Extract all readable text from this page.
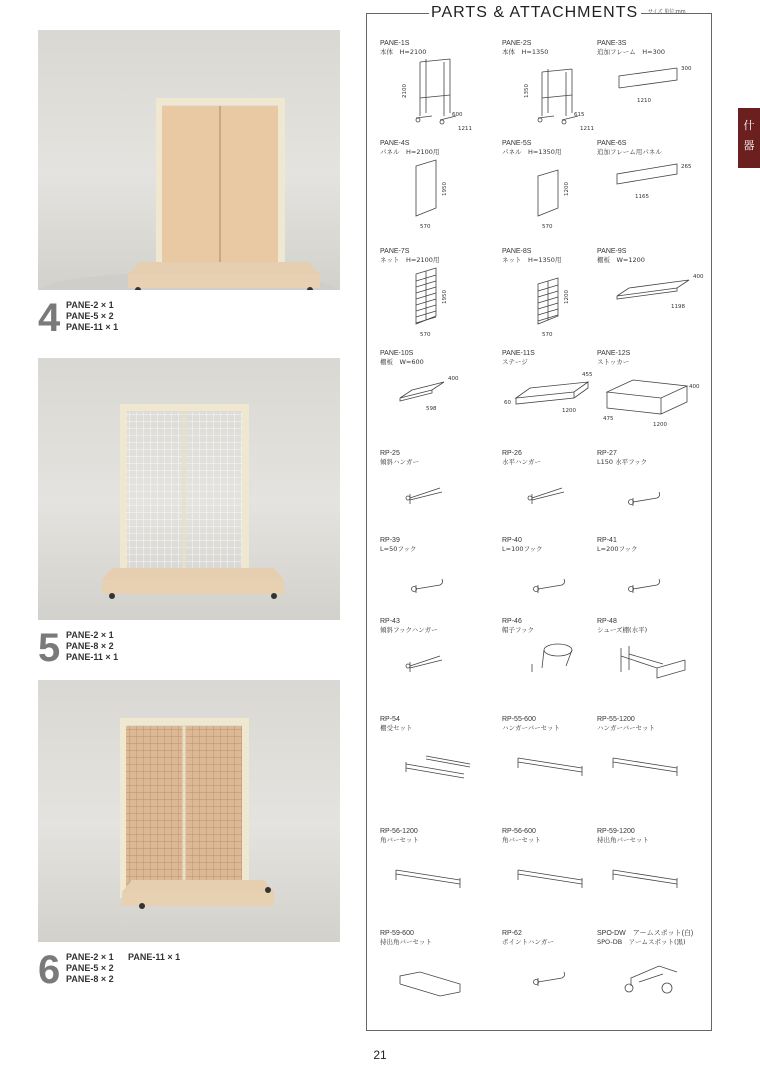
4 PANE-2 × 1
PANE-5 × 2
PANE-11 × 1
5 PANE-2 × 1
PANE-8 × 2
PANE-11 × 1
6 PANE-2 × 1
PANE-5 × 2
PANE-8 × 2
PANE-11 × 1
PARTS & ATTACHMENTS サイズ 単位:mm
PANE-1S
本体　H=2100
2100
600
1211
PANE-2S
本体　H=1350
1350
615
1211
PANE-3S
追加フレーム　H=300
300
1210
PANE-4S
パネル　H=2100用
1950
570
PANE-5S
パネル　H=1350用
1200
570
PANE-6S
追加フレーム用パネル
265
1165
PANE-7S
ネット　H=2100用
1950
570
PANE-8S
ネット　H=1350用
1200
570
PANE-9S
棚板　W=1200
400
1198
PANE-10S
棚板　W=600
400
598
PANE-11S
ステージ
455
1200
60
PANE-12S
ストッカー
400
475
1200
RP-25
傾斜ハンガー
RP-26
水平ハンガー
RP-27
L150 水平フック
RP-39
L=50フック
RP-40
L=100フック
RP-41
L=200フック
RP-43
傾斜フックハンガー
RP-46
帽子フック
RP-48
シューズ棚(水平)
RP-54
棚受セット
RP-55-600
ハンガーバーセット
RP-55-1200
ハンガーバーセット
RP-56-1200
角バーセット
RP-56-600
角バーセット
RP-59-1200
持出角バーセット
RP-59-600
持出角バーセット
RP-62
ポイントハンガー
SPO-DW　アームスポット(白)
SPO-DB　アームスポット(黒)
什
器
21
